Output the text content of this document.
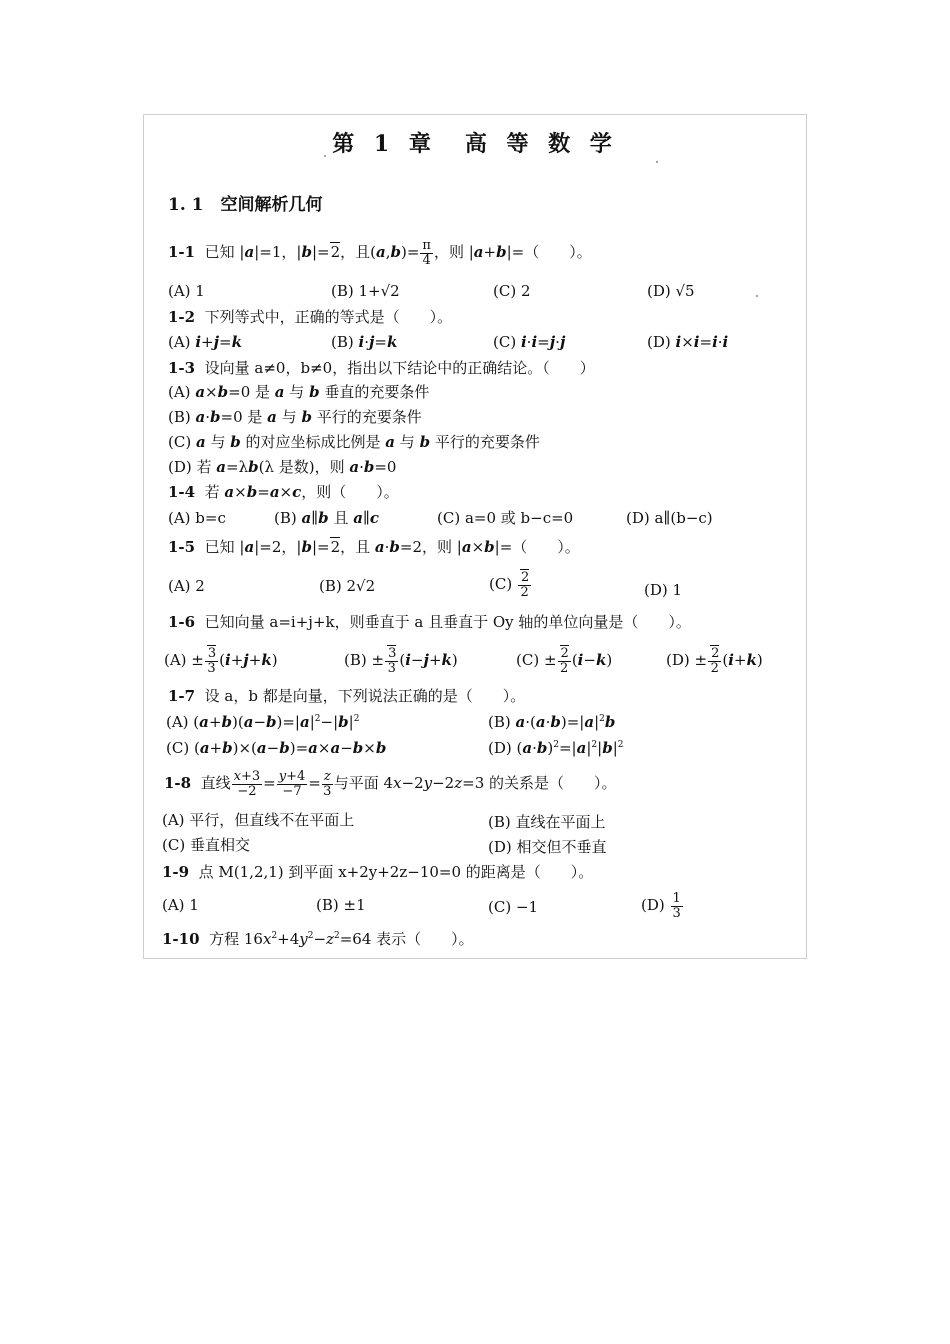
第 1 章　高 等 数 学
1. 1　空间解析几何
1-1  已知 |a|=1，|b|=2，且$(a,b)= \frac{\pi}{4}$ ，则 |a+b|=（　　）。
(A) 1	(B) 1+√2	(C) 2	(D) √5
1-2 下列等式中，正确的等式是（　　）。
(A) i+j=k	(B) i·j=k	(C) i·i=j·j	(D) i×i=i·i
1-3 设向量 a≠0，b≠0，指出以下结论中的正确结论。（　　）
(A) a×b=0 是 a 与 b 垂直的充要条件
(B) a·b=0 是 a 与 b 平行的充要条件
(C) a 与 b 的对应坐标成比例是 a 与 b 平行的充要条件
(D) 若 a=λb(λ 是数)，则 a·b=0
1-4  若 a×b=a×c，则（　　）。
(A) b=c	(B) a∥b 且 a∥c	(C) a=0 或 b−c=0	(D) a∥(b−c)
1-5  已知 |a|=2，|b|=2，且 a·b=2，则 |a×b|=（　　）。
(A) 2	(B) 2√2	$(C) \frac{2}{2}$	(D) 1
1-6 已知向量 a=i+j+k，则垂直于 a 且垂直于 Oy 轴的单位向量是（　　）。
$(A) \pm \frac{3}{3} (i+j+k)$	$(B) \pm \frac{3}{3} (i-j+k)$	$(C) \pm \frac{2}{2} (i-k)$	$(D) \pm \frac{2}{2} (i+k)$
1-7 设 a，b 都是向量，下列说法正确的是（　　）。
(A) $(a+b)(a-b)=|a|^2-|b|^2$	(B) $a\cdot(a\cdot b)=|a|^2b$
(C) (a+b)×(a−b)=a×a−b×b	(D) $(a\cdot b)^2=|a|^2|b|^2$
1-8  直线 $\frac{x+3}{-2} = \frac{y+4}{-7} = \frac{z}{3}$ 与平面 4x−2y−2z=3 的关系是（　　）。
(A) 平行，但直线不在平面上	(B) 直线在平面上
(C) 垂直相交	(D) 相交但不垂直
1-9 点 M(1,2,1) 到平面 x+2y+2z−10=0 的距离是（　　）。
(A) 1	(B) ±1	(C) −1	$(D) \frac{1}{3}$
1-10  方程 $16x^2+4y^2-z^2=64$ 表示（　　）。
